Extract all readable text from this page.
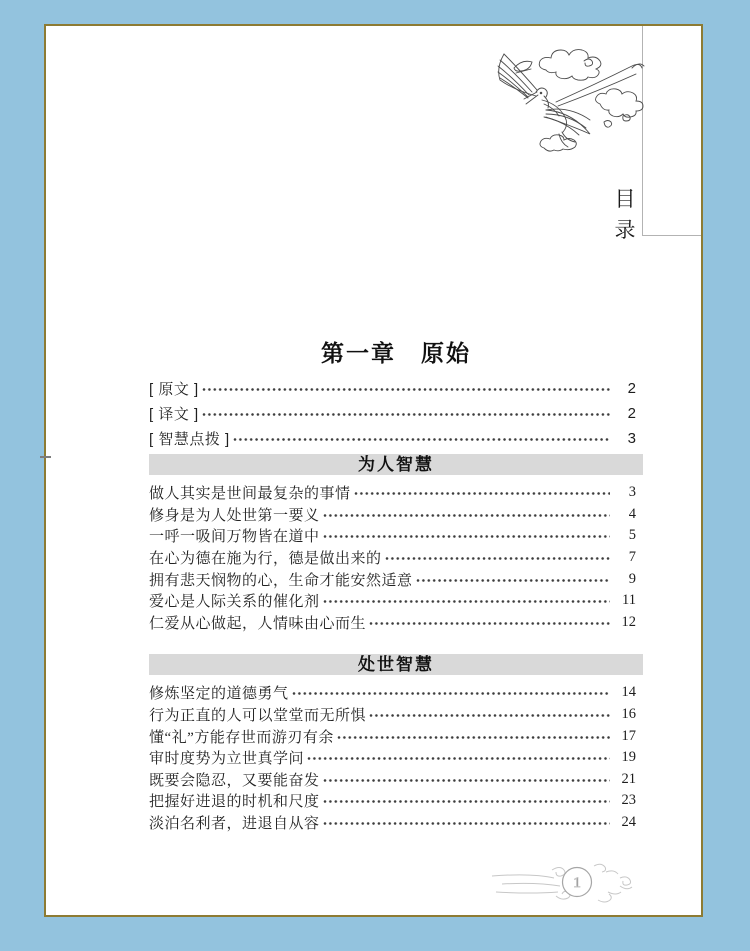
目录
第一章　原始
[ 原文 ]	2
[ 译文 ]	2
[ 智慧点拨 ]	3
为人智慧
做人其实是世间最复杂的事情	3
修身是为人处世第一要义	4
一呼一吸间万物皆在道中	5
在心为德在施为行，德是做出来的	7
拥有悲天悯物的心，生命才能安然适意	9
爱心是人际关系的催化剂	11
仁爱从心做起，人情味由心而生	12
处世智慧
修炼坚定的道德勇气	14
行为正直的人可以堂堂而无所惧	16
懂“礼”方能存世而游刃有余	17
审时度势为立世真学问	19
既要会隐忍，又要能奋发	21
把握好进退的时机和尺度	23
淡泊名利者，进退自从容	24
1
